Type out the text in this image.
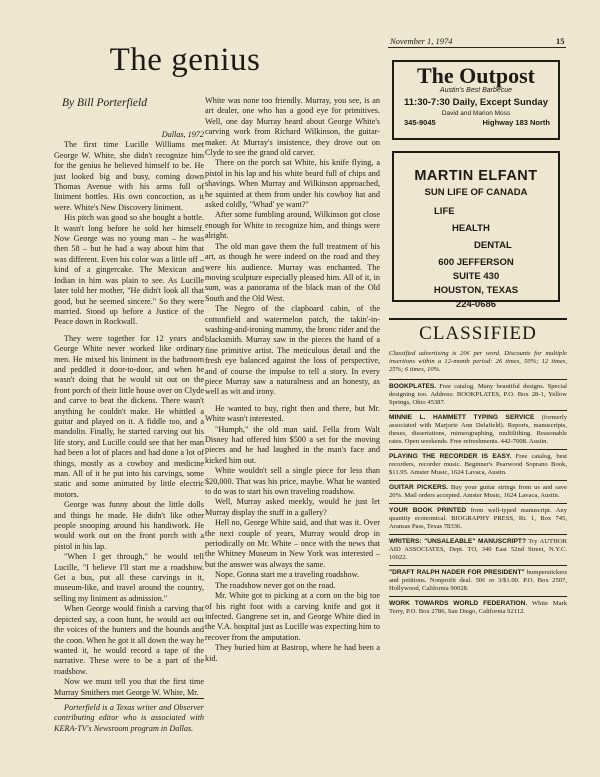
The genius
By Bill Porterfield

Dallas, 1972

The first time Lucille Williams met George W. White, she didn't recognize him for the genius he believed himself to be. He just looked big and busy, coming down Thomas Avenue with his arms full of liniment bottles. His own concoction, as it were. White's New Discovery liniment.

His pitch was good so she bought a bottle. It wasn't long before he sold her himself. Now George was no young man – he was then 58 – but he had a way about him that was different. Even his color was a little off – kind of a gingercake. The Mexican and Indian in him was plain to see. As Lucille later told her mother, "He didn't look all that good, but he seemed sincere." So they were married. Stood up before a Justice of the Peace down in Rockwall.

They were together for 12 years and George White never worked like ordinary men. He mixed his liniment in the bathroom and peddled it door-to-door, and when he wasn't doing that he would sit out on the front porch of their little house over on Clyde and carve to beat the dickens. There wasn't anything he couldn't make. He whittled a guitar and played on it. A fiddle too, and a mandolin. Finally, he started carving out his life story, and Lucille could see that her man had been a lot of places and had done a lot of things, mostly as a cowboy and medicine man. All of it he put into his carvings, some static and some animated by little electric motors.

George was funny about the little dolls and things he made. He didn't like other people snooping around his handiwork. He would work out on the front porch with a pistol in his lap.

"When I get through," he would tell Lucille, "I believe I'll start me a roadshow. Get a bus, put all these carvings in it, museum-like, and travel around the country, selling my liniment as admission."

When George would finish a carving that depicted say, a coon hunt, he would act out the voices of the hunters and the hounds and the coon. When he got it all down the way he wanted it, he would record a tape of the narrative. These were to be a part of the roadshow.

Now we must tell you that the first time Murray Smithers met George W. White, Mr.

Porterfield is a Texas writer and Observer contributing editor who is associated with KERA-TV's Newsroom program in Dallas.

White was none too friendly. Murray, you see, is an art dealer, one who has a good eye for primitives. Well, one day Murray heard about George White's carving work from Richard Wilkinson, the guitar-maker. At Murray's insistence, they drove out on Clyde to see the grand old carver.

There on the porch sat White, his knife flying, a pistol in his lap and his white beard full of chips and shavings. When Murray and Wilkinson approached, he squinted at them from under his cowboy hat and asked coldly, "Whad' ye want?"

After some fumbling around, Wilkinson got close enough for White to recognize him, and things were alright.

The old man gave them the full treatment of his art, as though he were indeed on the road and they were his audience. Murray was enchanted. The moving sculpture especially pleased him. All of it, in sum, was a panorama of the black man of the Old South and the Old West.

The Negro of the clapboard cabin, of the cottonfield and watermelon patch, the takin'-in-washing-and-ironing mammy, the bronc rider and the blacksmith. Murray saw in the pieces the hand of a fine primitive artist. The meticulous detail and the fresh eye balanced against the loss of perspective, and of course the impulse to tell a story. In every piece Murray saw a naturalness and an honesty, as well as wit and irony.

He wanted to buy, right then and there, but Mr. White wasn't interested.

"Humph," the old man said. Fella from Walt Disney had offered him $500 a set for the moving pieces and he had laughed in the man's face and kicked him out.

White wouldn't sell a single piece for less than $20,000. That was his price, maybe. What he wanted to do was to start his own traveling roadshow.

Well, Murray asked meekly, would he just let Murray display the stuff in a gallery?

Hell no, George White said, and that was it. Over the next couple of years, Murray would drop in periodically on Mr. White – once with the news that the Whitney Museum in New York was interested – but the answer was always the same.

Nope. Gonna start me a traveling roadshow.

The roadshow never got on the road.

Mr. White got to picking at a corn on the big toe of his right foot with a carving knife and got it infected. Gangrene set in, and George White died in the V.A. hospital just as Lucille was expecting him to recover from the amputation.

They buried him at Bastrop, where he had been a kid.

November 1, 1974	15
The Outpost
Austin's Best Barbecue
11:30-7:30 Daily, Except Sunday
David and Marion Moss
345-9045	Highway 183 North
MARTIN ELFANT
SUN LIFE OF CANADA
LIFE
HEALTH
DENTAL
600 JEFFERSON
SUITE 430
HOUSTON, TEXAS
224-0686
CLASSIFIED
Classified advertising is 20¢ per word. Discounts for multiple insertions within a 12-month period: 26 times, 50%; 12 times, 25%; 6 times, 10%.
BOOKPLATES. Free catalog. Many beautiful designs. Special designing too. Address: BOOKPLATES, P.O. Box 28-1, Yellow Springs, Ohio 45387.
MINNIE L. HAMMETT TYPING SERVICE (formerly associated with Marjorie Ann Delafield). Reports, manuscripts, theses, dissertations, mimeographing, multilithing. Reasonable rates. Open weekends. Free refreshments. 442-7008. Austin.
PLAYING THE RECORDER IS EASY. Free catalog, best recorders, recorder music. Beginner's Pearwood Soprano Book, $11.95. Amster Music, 1624 Lavaca, Austin.
GUITAR PICKERS. Buy your guitar strings from us and save 20%. Mail orders accepted. Amster Music, 1624 Lavaca, Austin.
YOUR BOOK PRINTED from well-typed manuscript. Any quantity economical. BIOGRAPHY PRESS, Rt. 1, Box 745, Aransas Pass, Texas 78336.
WRITERS: "UNSALEABLE" MANUSCRIPT? Try AUTHOR AID ASSOCIATES, Dept. TO, 340 East 52nd Street, N.Y.C. 10022.
"DRAFT RALPH NADER FOR PRESIDENT" bumperstickers and petitions. Nonprofit deal. 50¢ or 3/$1.00. P.O. Box 2507, Hollywood, California 90028.
WORK TOWARDS WORLD FEDERATION. White Mark Terry, P.O. Box 2786, San Diego, California 92112.
